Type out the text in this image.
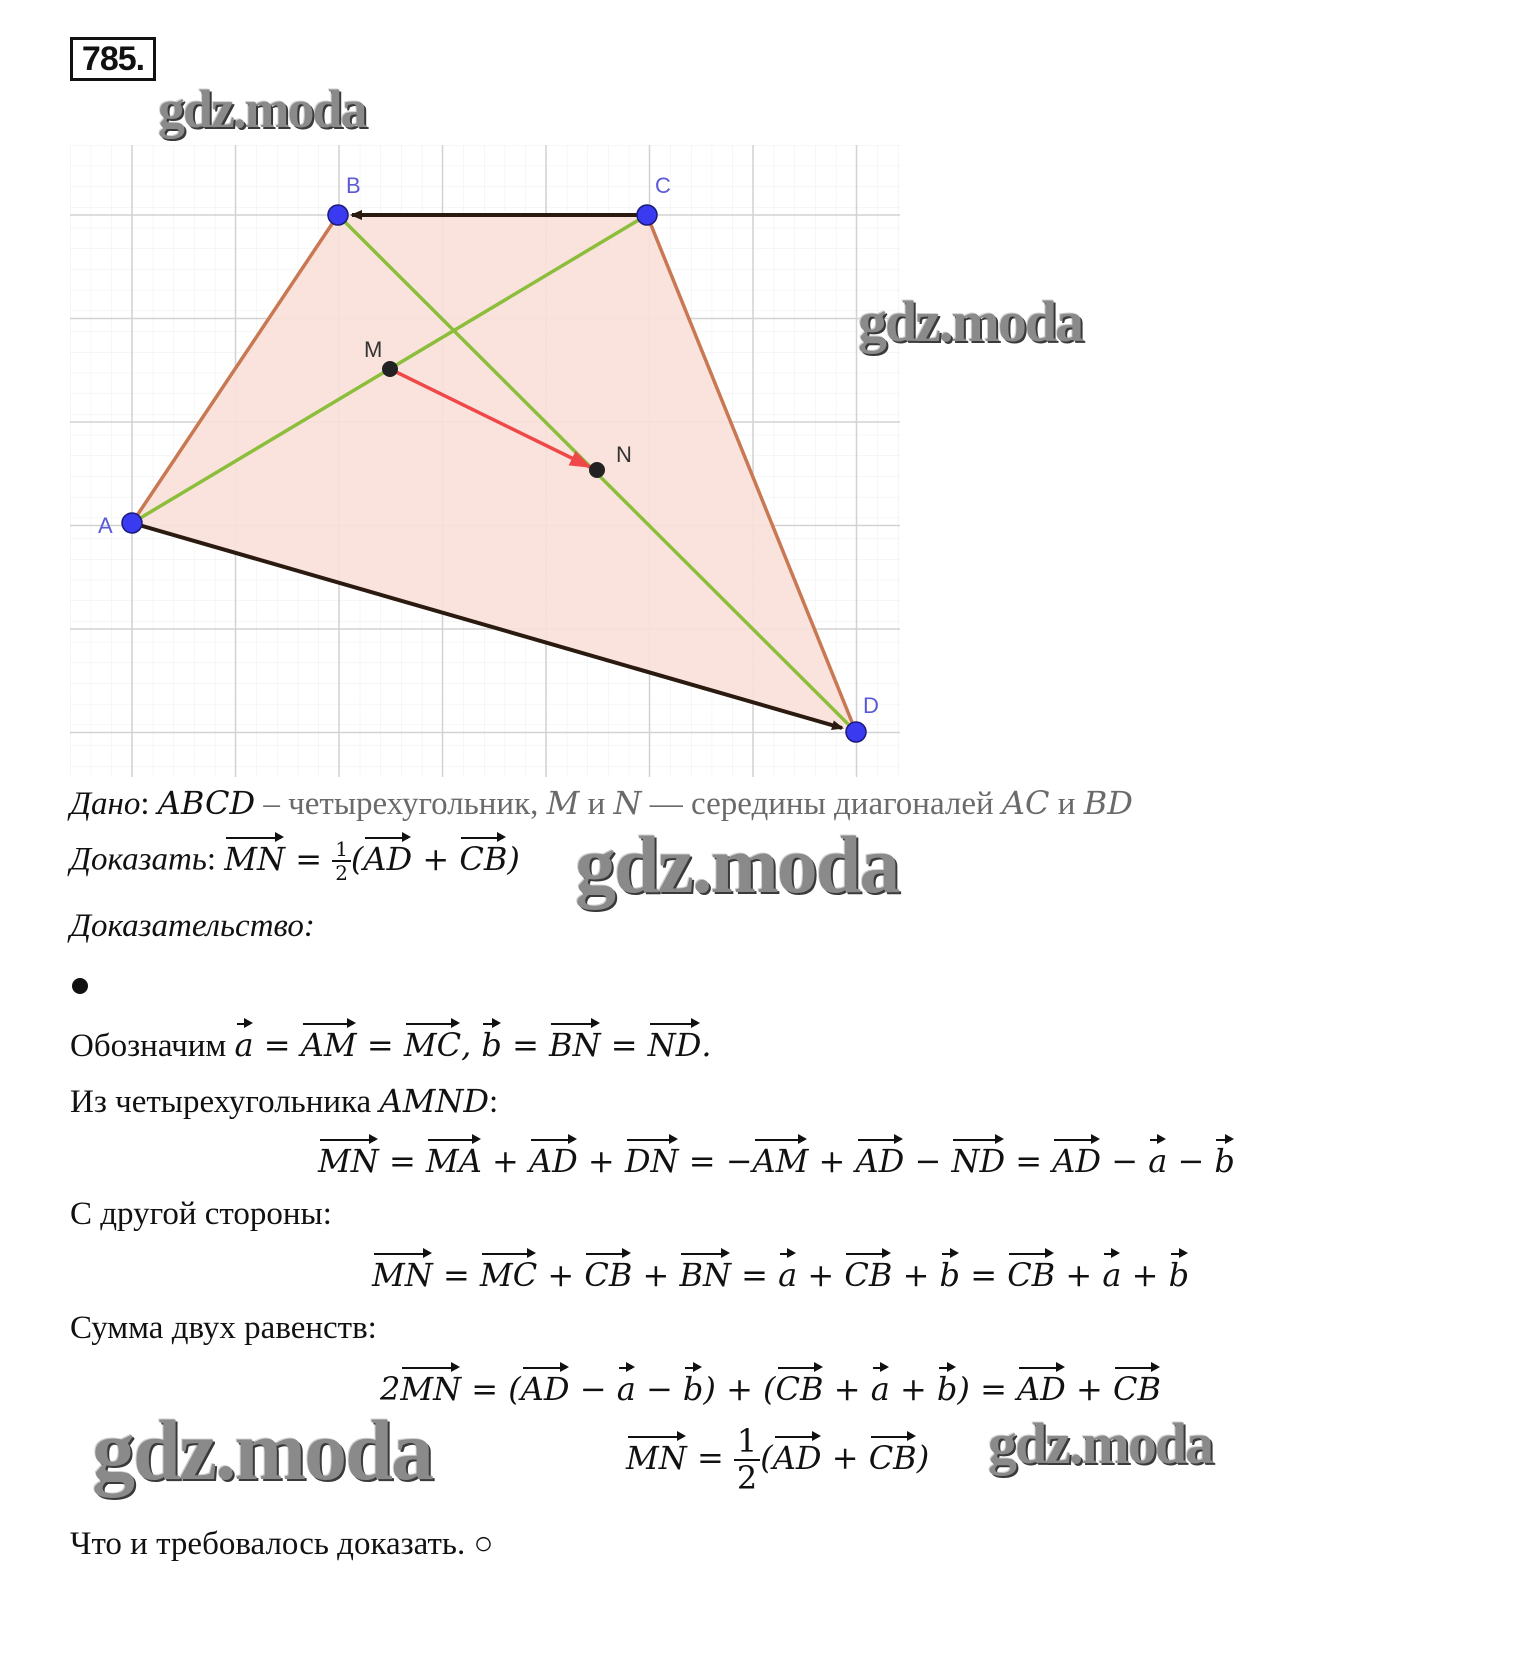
785.
gdz.moda
A
B	C
D
M
N
gdz.moda
Дано: ABCD – четырехугольник, M и N — середины диагоналей AC и BD
Доказать: MN = $\frac{1}{2} (AD + CB)$ gdz.moda
Доказательство:
Обозначим a = AM = MC, b = BN = ND.
Из четырехугольника AMND:
MN = MA + AD + DN = −AM + AD − ND = AD − a − b
С другой стороны:
MN = MC + CB + BN = a + CB + b = CB + a + b
Сумма двух равенств:
2MN = (AD − a − b) + (CB + a + b) = AD + CB
gdz.moda	MN = $\frac{1}{2} (AD + CB)$ gdz.moda
Что и требовалось доказать. ○
